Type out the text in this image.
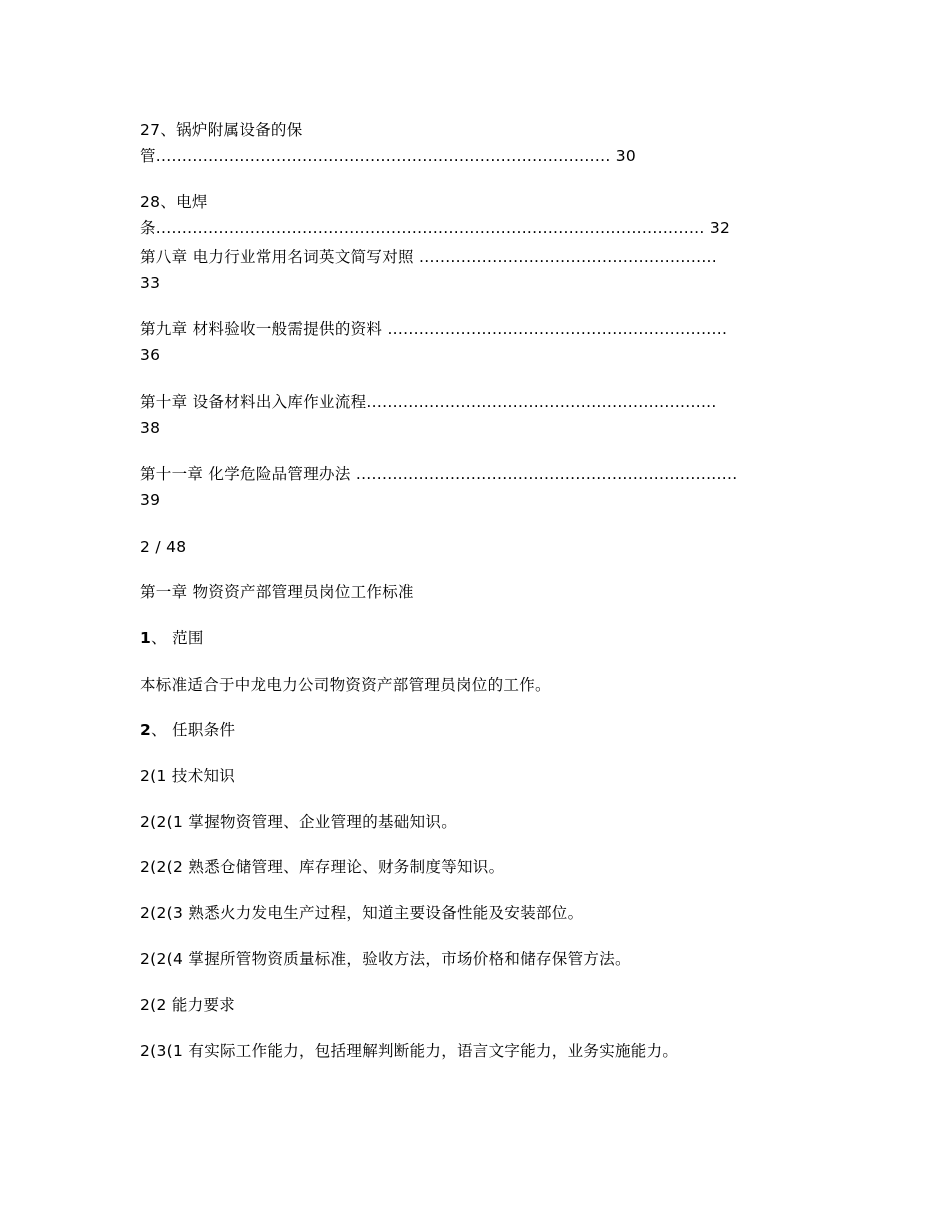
27、锅炉附属设备的保
管....................................................................................... 30
28、电焊
条......................................................................................................... 32
第八章 电力行业常用名词英文简写对照 .........................................................
33
第九章 材料验收一般需提供的资料 .................................................................
36
第十章 设备材料出入库作业流程...................................................................
38
第十一章 化学危险品管理办法 .........................................................................
39
2 / 48
第一章 物资资产部管理员岗位工作标准
1、 范围
本标准适合于中龙电力公司物资资产部管理员岗位的工作。
2、 任职条件
2(1 技术知识
2(2(1 掌握物资管理、企业管理的基础知识。
2(2(2 熟悉仓储管理、库存理论、财务制度等知识。
2(2(3 熟悉火力发电生产过程，知道主要设备性能及安装部位。
2(2(4 掌握所管物资质量标准，验收方法，市场价格和储存保管方法。
2(2 能力要求
2(3(1 有实际工作能力，包括理解判断能力，语言文字能力，业务实施能力。
